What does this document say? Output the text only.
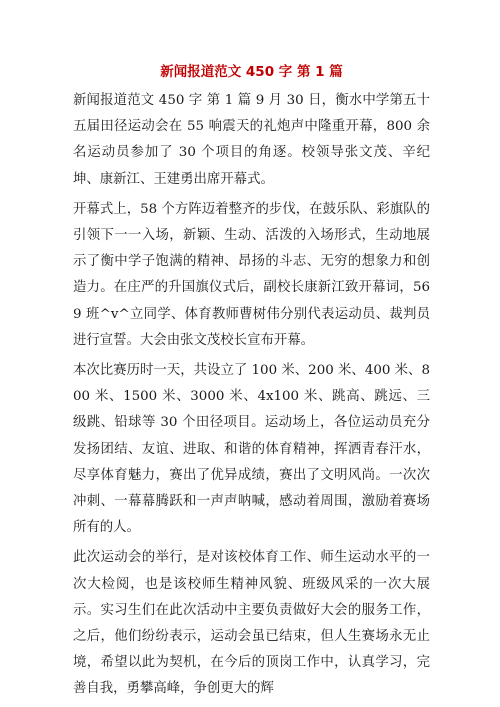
新闻报道范文 450 字 第 1 篇

新闻报道范文 450 字 第 1 篇 9 月 30 日，衡水中学第五十五届田径运动会在 55 响震天的礼炮声中隆重开幕，800 余名运动员参加了 30 个项目的角逐。校领导张文茂、辛纪坤、康新江、王建勇出席开幕式。

开幕式上，58 个方阵迈着整齐的步伐，在鼓乐队、彩旗队的引领下一一入场，新颖、生动、活泼的入场形式，生动地展示了衡中学子饱满的精神、昂扬的斗志、无穷的想象力和创造力。在庄严的升国旗仪式后，副校长康新江致开幕词，569 班^v^立同学、体育教师曹树伟分别代表运动员、裁判员进行宣誓。大会由张文茂校长宣布开幕。

本次比赛历时一天，共设立了 100 米、200 米、400 米、800 米、1500 米、3000 米、4x100 米、跳高、跳远、三级跳、铅球等 30 个田径项目。运动场上，各位运动员充分发扬团结、友谊、进取、和谐的体育精神，挥洒青春汗水，尽享体育魅力，赛出了优异成绩，赛出了文明风尚。一次次冲刺、一幕幕腾跃和一声声呐喊，感动着周围，激励着赛场所有的人。

此次运动会的举行，是对该校体育工作、师生运动水平的一次大检阅，也是该校师生精神风貌、班级风采的一次大展示。实习生们在此次活动中主要负责做好大会的服务工作，之后，他们纷纷表示，运动会虽已结束，但人生赛场永无止境，希望以此为契机，在今后的顶岗工作中，认真学习，完善自我，勇攀高峰，争创更大的辉
